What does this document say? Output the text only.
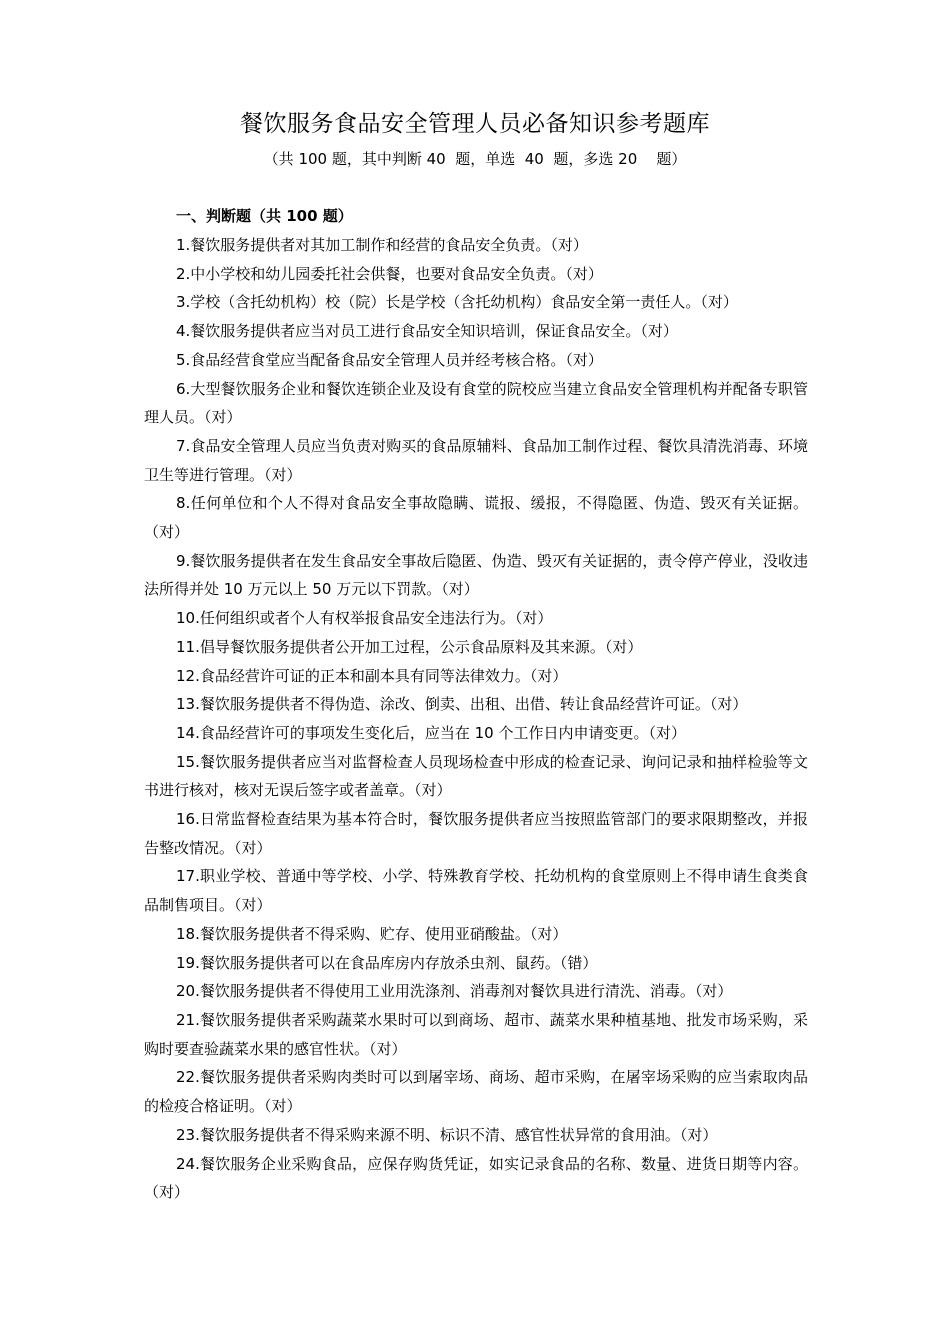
餐饮服务食品安全管理人员必备知识参考题库
（共 100 题，其中判断 40  题，单选  40  题，多选 20    题）
一、判断题（共 100 题）

1.餐饮服务提供者对其加工制作和经营的食品安全负责。（对）

2.中小学校和幼儿园委托社会供餐，也要对食品安全负责。（对）

3.学校（含托幼机构）校（院）长是学校（含托幼机构）食品安全第一责任人。（对）

4.餐饮服务提供者应当对员工进行食品安全知识培训，保证食品安全。（对）

5.食品经营食堂应当配备食品安全管理人员并经考核合格。（对）

6.大型餐饮服务企业和餐饮连锁企业及设有食堂的院校应当建立食品安全管理机构并配备专职管理人员。（对）

7.食品安全管理人员应当负责对购买的食品原辅料、食品加工制作过程、餐饮具清洗消毒、环境卫生等进行管理。（对）

8.任何单位和个人不得对食品安全事故隐瞒、谎报、缓报，不得隐匿、伪造、毁灭有关证据。（对）

9.餐饮服务提供者在发生食品安全事故后隐匿、伪造、毁灭有关证据的，责令停产停业，没收违法所得并处 10 万元以上 50 万元以下罚款。（对）

10.任何组织或者个人有权举报食品安全违法行为。（对）

11.倡导餐饮服务提供者公开加工过程，公示食品原料及其来源。（对）

12.食品经营许可证的正本和副本具有同等法律效力。（对）

13.餐饮服务提供者不得伪造、涂改、倒卖、出租、出借、转让食品经营许可证。（对）

14.食品经营许可的事项发生变化后，应当在 10 个工作日内申请变更。（对）

15.餐饮服务提供者应当对监督检查人员现场检查中形成的检查记录、询问记录和抽样检验等文书进行核对，核对无误后签字或者盖章。（对）

16.日常监督检查结果为基本符合时，餐饮服务提供者应当按照监管部门的要求限期整改，并报告整改情况。（对）

17.职业学校、普通中等学校、小学、特殊教育学校、托幼机构的食堂原则上不得申请生食类食品制售项目。（对）

18.餐饮服务提供者不得采购、贮存、使用亚硝酸盐。（对）

19.餐饮服务提供者可以在食品库房内存放杀虫剂、鼠药。（错）

20.餐饮服务提供者不得使用工业用洗涤剂、消毒剂对餐饮具进行清洗、消毒。（对）

21.餐饮服务提供者采购蔬菜水果时可以到商场、超市、蔬菜水果种植基地、批发市场采购，采购时要查验蔬菜水果的感官性状。（对）

22.餐饮服务提供者采购肉类时可以到屠宰场、商场、超市采购，在屠宰场采购的应当索取肉品的检疫合格证明。（对）

23.餐饮服务提供者不得采购来源不明、标识不清、感官性状异常的食用油。（对）

24.餐饮服务企业采购食品，应保存购货凭证，如实记录食品的名称、数量、进货日期等内容。（对）
